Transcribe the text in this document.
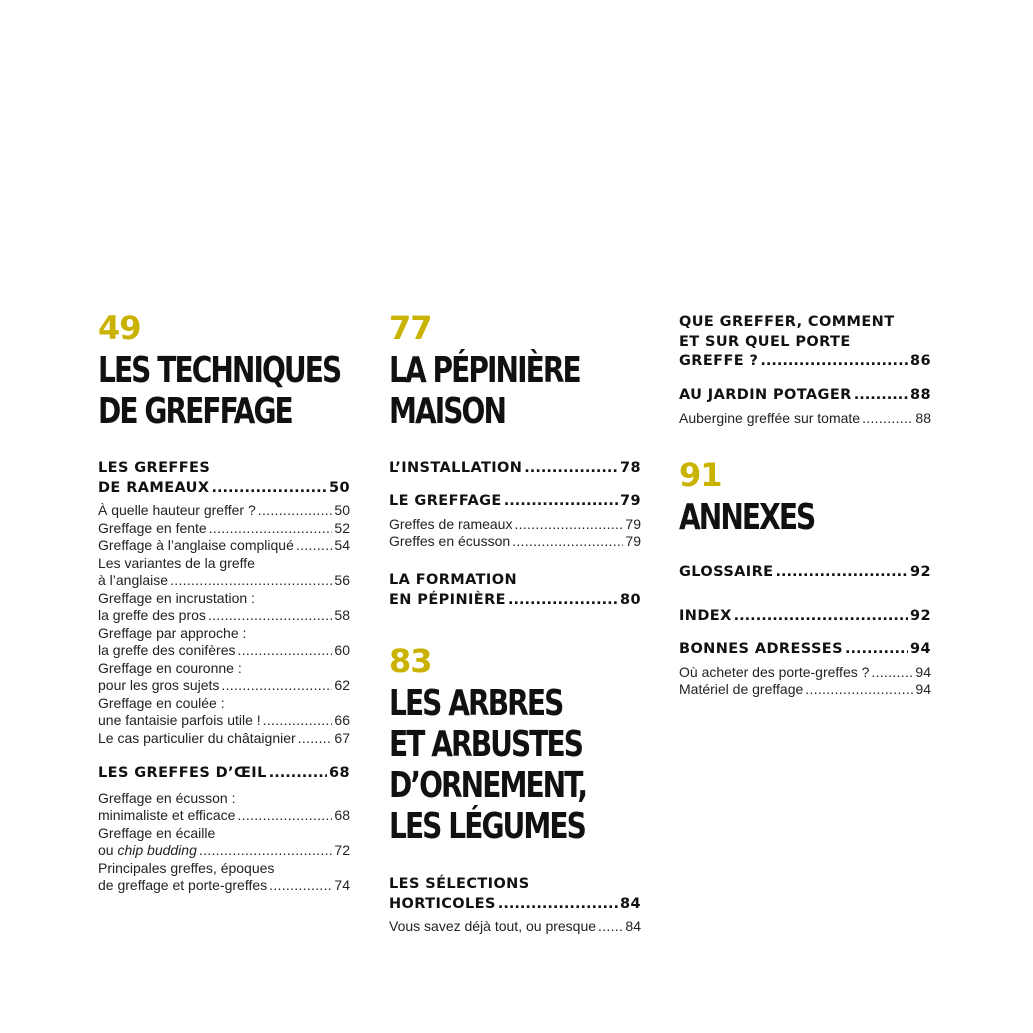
49
LES TECHNIQUES
DE GREFFAGE
LES GREFFES
DE RAMEAUX .....	50
À quelle hauteur greffer ? .....	50
Greffage en fente .....	52
Greffage à l’anglaise compliqué .....	54
Les variantes de la greffe
à l’anglaise .....	56
Greffage en incrustation :
la greffe des pros .....	58
Greffage par approche :
la greffe des conifères .....	60
Greffage en couronne :
pour les gros sujets .....	62
Greffage en coulée :
une fantaisie parfois utile ! .....	66
Le cas particulier du châtaignier .....	67
LES GREFFES D’ŒIL .....	68
Greffage en écusson :
minimaliste et efficace .....	68
Greffage en écaille
ou chip budding .....	72
Principales greffes, époques
de greffage et porte-greffes .....	74
77
LA PÉPINIÈRE
MAISON
L’INSTALLATION .....	78
LE GREFFAGE .....	79
Greffes de rameaux .....	79
Greffes en écusson .....	79
LA FORMATION
EN PÉPINIÈRE .....	80
83
LES ARBRES
ET ARBUSTES
D’ORNEMENT,
LES LÉGUMES
LES SÉLECTIONS
HORTICOLES .....	84
Vous savez déjà tout, ou presque ..... 84
QUE GREFFER, COMMENT
ET SUR QUEL PORTE
GREFFE ? .....	86
AU JARDIN POTAGER .....	88
Aubergine greffée sur tomate .....	88
91
ANNEXES
GLOSSAIRE .....	92
INDEX .....	92
BONNES ADRESSES .....	94
Où acheter des porte-greffes ? .....	94
Matériel de greffage .....	94
